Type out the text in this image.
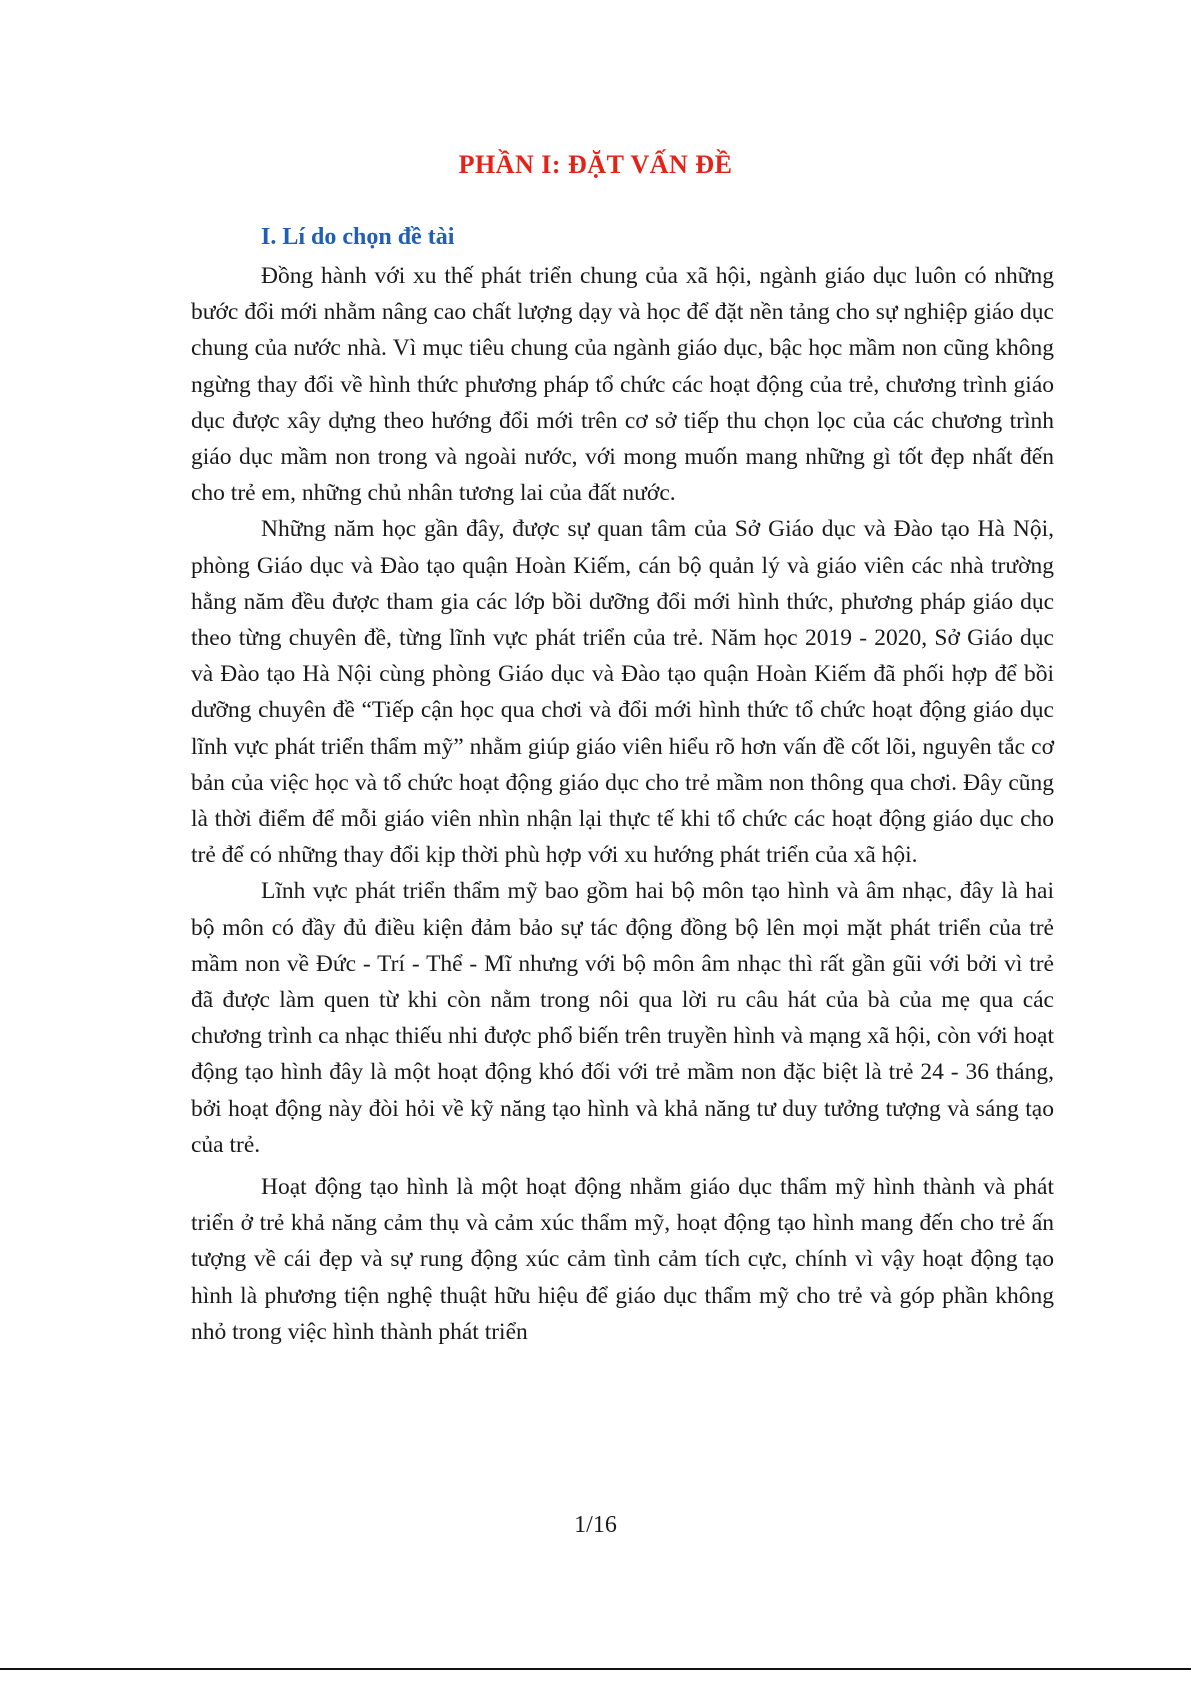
PHẦN I: ĐẶT VẤN ĐỀ
I. Lí do chọn đề tài

Đồng hành với xu thế phát triển chung của xã hội, ngành giáo dục luôn có những bước đổi mới nhằm nâng cao chất lượng dạy và học để đặt nền tảng cho sự nghiệp giáo dục chung của nước nhà. Vì mục tiêu chung của ngành giáo dục, bậc học mầm non cũng không ngừng thay đổi về hình thức phương pháp tổ chức các hoạt động của trẻ, chương trình giáo dục được xây dựng theo hướng đổi mới trên cơ sở tiếp thu chọn lọc của các chương trình giáo dục mầm non trong và ngoài nước, với mong muốn mang những gì tốt đẹp nhất đến cho trẻ em, những chủ nhân tương lai của đất nước.

Những năm học gần đây, được sự quan tâm của Sở Giáo dục và Đào tạo Hà Nội, phòng Giáo dục và Đào tạo quận Hoàn Kiếm, cán bộ quản lý và giáo viên các nhà trường hằng năm đều được tham gia các lớp bồi dưỡng đổi mới hình thức, phương pháp giáo dục theo từng chuyên đề, từng lĩnh vực phát triển của trẻ. Năm học 2019 - 2020, Sở Giáo dục và Đào tạo Hà Nội cùng phòng Giáo dục và Đào tạo quận Hoàn Kiếm đã phối hợp để bồi dưỡng chuyên đề “Tiếp cận học qua chơi và đổi mới hình thức tổ chức hoạt động giáo dục lĩnh vực phát triển thẩm mỹ” nhằm giúp giáo viên hiểu rõ hơn vấn đề cốt lõi, nguyên tắc cơ bản của việc học và tổ chức hoạt động giáo dục cho trẻ mầm non thông qua chơi. Đây cũng là thời điểm để mỗi giáo viên nhìn nhận lại thực tế khi tổ chức các hoạt động giáo dục cho trẻ để có những thay đổi kịp thời phù hợp với xu hướng phát triển của xã hội.

Lĩnh vực phát triển thẩm mỹ bao gồm hai bộ môn tạo hình và âm nhạc, đây là hai bộ môn có đầy đủ điều kiện đảm bảo sự tác động đồng bộ lên mọi mặt phát triển của trẻ mầm non về Đức - Trí - Thể - Mĩ nhưng với bộ môn âm nhạc thì rất gần gũi với bởi vì trẻ đã được làm quen từ khi còn nằm trong nôi qua lời ru câu hát của bà của mẹ qua các chương trình ca nhạc thiếu nhi được phổ biến trên truyền hình và mạng xã hội, còn với hoạt động tạo hình đây là một hoạt động khó đối với trẻ mầm non đặc biệt là trẻ 24 - 36 tháng, bởi hoạt động này đòi hỏi về kỹ năng tạo hình và khả năng tư duy tưởng tượng và sáng tạo của trẻ.

Hoạt động tạo hình là một hoạt động nhằm giáo dục thẩm mỹ hình thành và phát triển ở trẻ khả năng cảm thụ và cảm xúc thẩm mỹ, hoạt động tạo hình mang đến cho trẻ ấn tượng về cái đẹp và sự rung động xúc cảm tình cảm tích cực, chính vì vậy hoạt động tạo hình là phương tiện nghệ thuật hữu hiệu để giáo dục thẩm mỹ cho trẻ và góp phần không nhỏ trong việc hình thành phát triển

1/16
